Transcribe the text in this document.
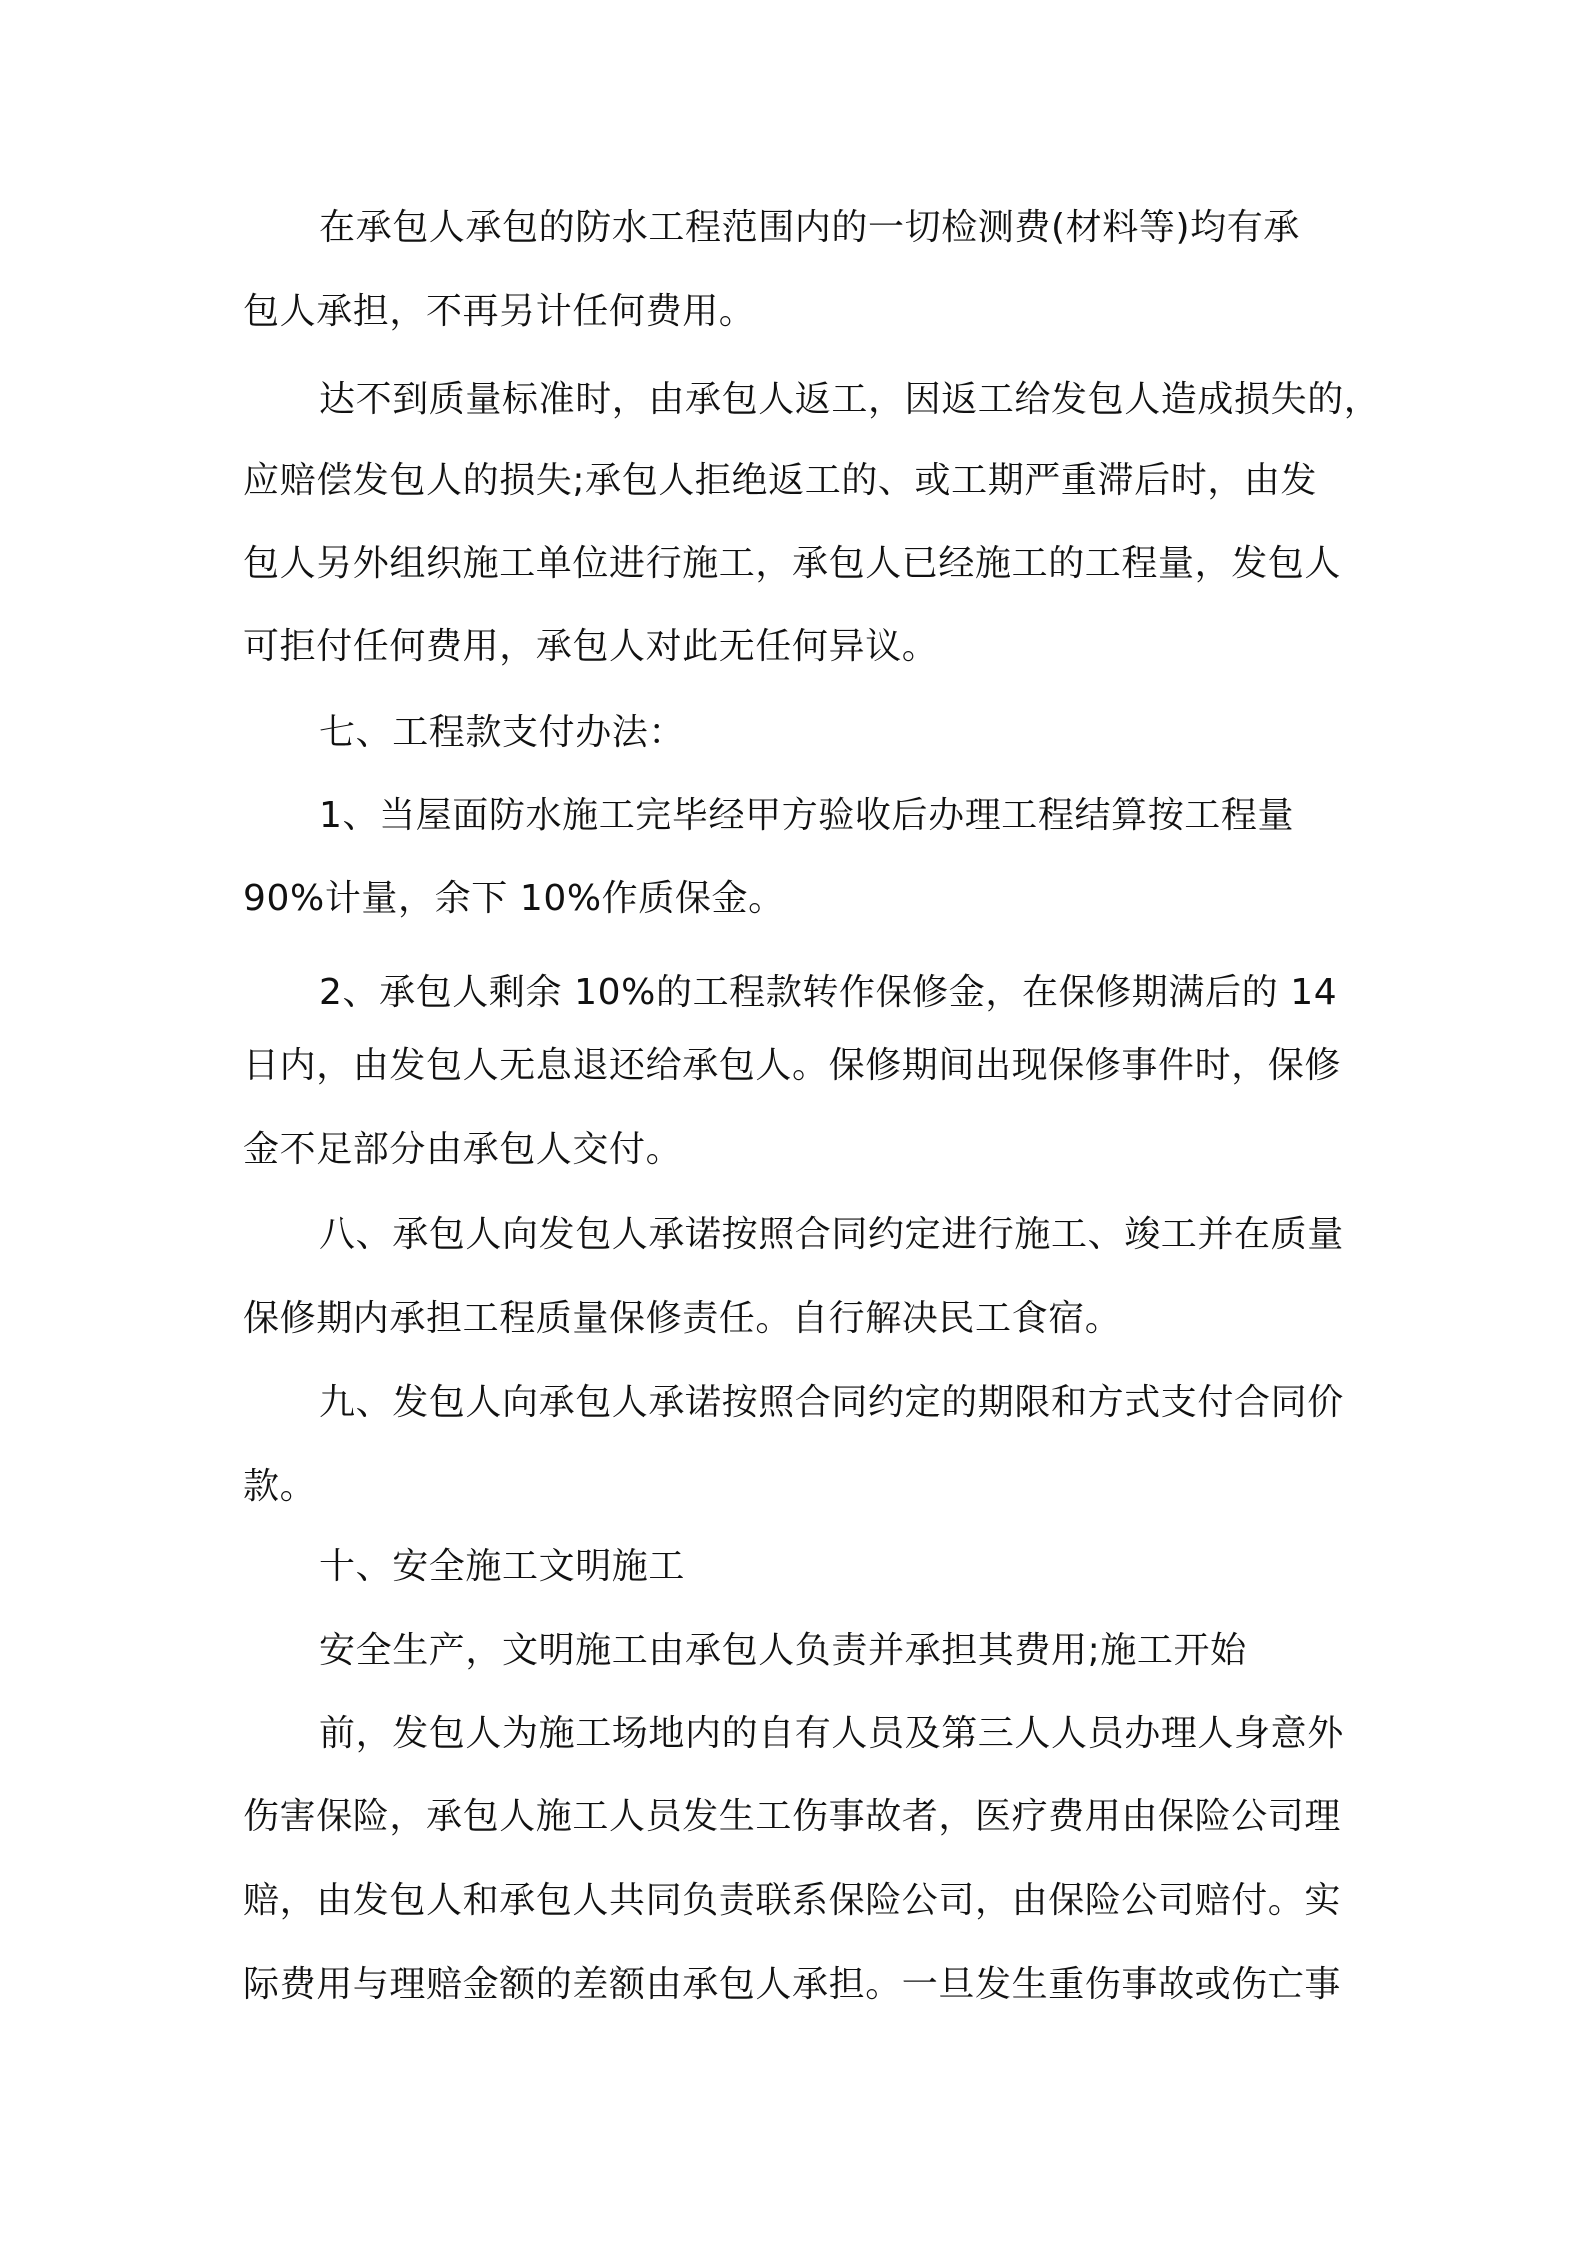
在承包人承包的防水工程范围内的一切检测费(材料等)均有承

包人承担，不再另计任何费用。

达不到质量标准时，由承包人返工，因返工给发包人造成损失的，

应赔偿发包人的损失;承包人拒绝返工的、或工期严重滞后时，由发

包人另外组织施工单位进行施工，承包人已经施工的工程量，发包人

可拒付任何费用，承包人对此无任何异议。

七、工程款支付办法：

1、当屋面防水施工完毕经甲方验收后办理工程结算按工程量

90%计量，余下 10%作质保金。

2、承包人剩余 10%的工程款转作保修金，在保修期满后的 14

日内，由发包人无息退还给承包人。保修期间出现保修事件时，保修

金不足部分由承包人交付。

八、承包人向发包人承诺按照合同约定进行施工、竣工并在质量

保修期内承担工程质量保修责任。自行解决民工食宿。

九、发包人向承包人承诺按照合同约定的期限和方式支付合同价

款。

十、安全施工文明施工

安全生产，文明施工由承包人负责并承担其费用;施工开始

前，发包人为施工场地内的自有人员及第三人人员办理人身意外

伤害保险，承包人施工人员发生工伤事故者，医疗费用由保险公司理

赔，由发包人和承包人共同负责联系保险公司，由保险公司赔付。实

际费用与理赔金额的差额由承包人承担。一旦发生重伤事故或伤亡事
